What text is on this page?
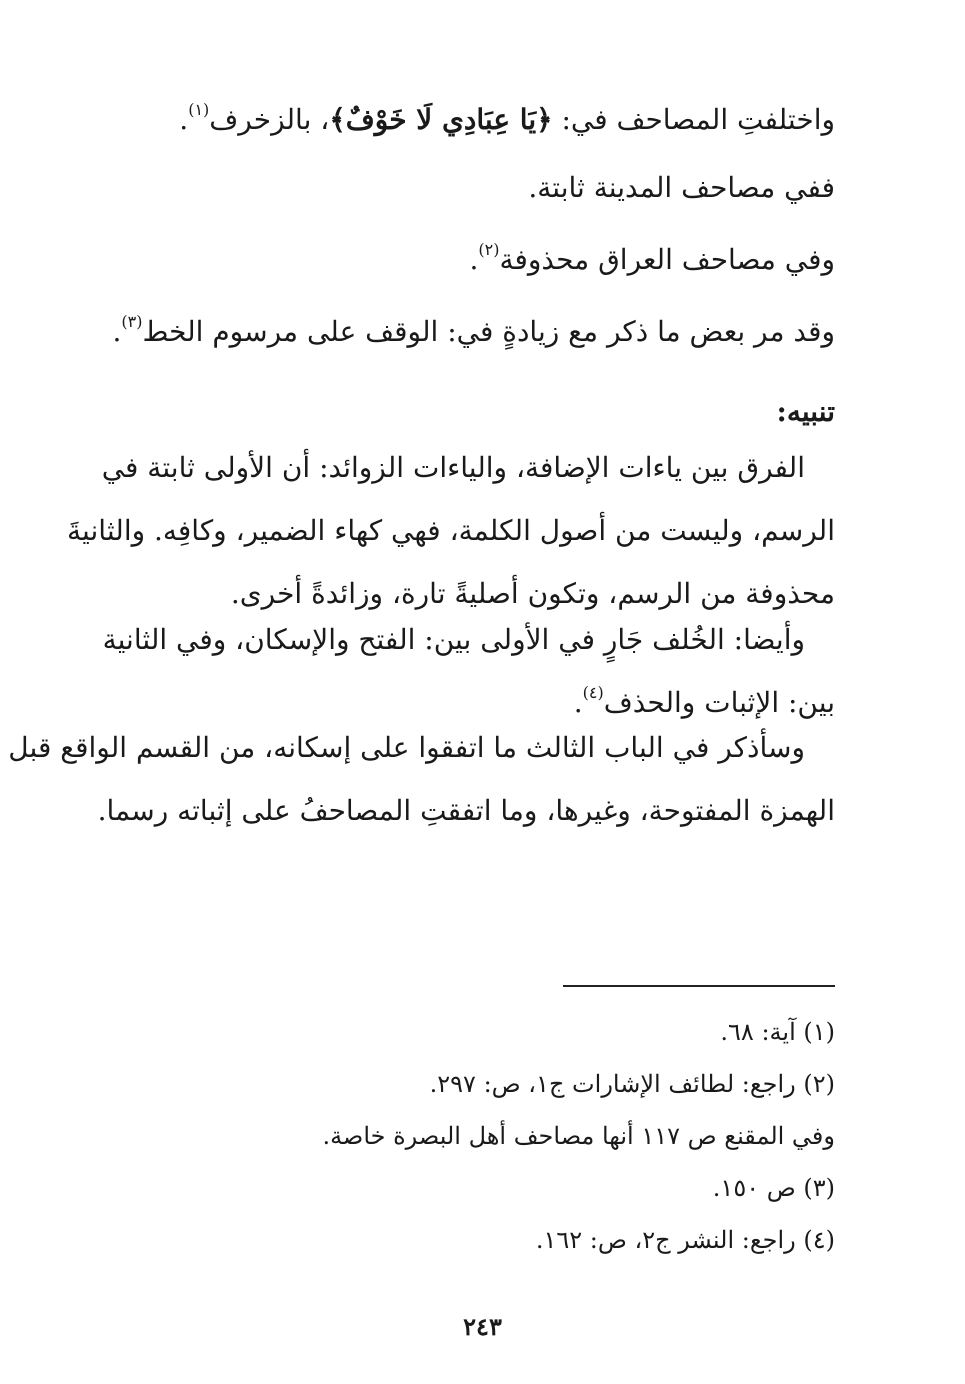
واختلفتِ المصاحف في: ﴿يَا عِبَادِي لَا خَوْفٌ﴾، بالزخرف$^{(١)}$.
ففي مصاحف المدينة ثابتة.
وفي مصاحف العراق محذوفة$^{(٢)}$.
وقد مر بعض ما ذكر مع زيادةٍ في: الوقف على مرسوم الخط$^{(٣)}$.
تنبيه:
الفرق بين ياءات الإضافة، والياءات الزوائد: أن الأولى ثابتة في
الرسم، وليست من أصول الكلمة، فهي كهاء الضمير، وكافِه. والثانيةَ
محذوفة من الرسم، وتكون أصليةً تارة، وزائدةً أخرى.
وأيضا: الخُلف جَارٍ في الأولى بين: الفتح والإسكان، وفي الثانية
بين: الإثبات والحذف$^{(٤)}$.
وسأذكر في الباب الثالث ما اتفقوا على إسكانه، من القسم الواقع قبل
الهمزة المفتوحة، وغيرها، وما اتفقتِ المصاحفُ على إثباته رسما.
(١) آية: ٦٨.
(٢) راجع: لطائف الإشارات ج١، ص: ٢٩٧.
وفي المقنع ص ١١٧ أنها مصاحف أهل البصرة خاصة.
(٣) ص ١٥٠.
(٤) راجع: النشر ج٢، ص: ١٦٢.
٢٤٣
